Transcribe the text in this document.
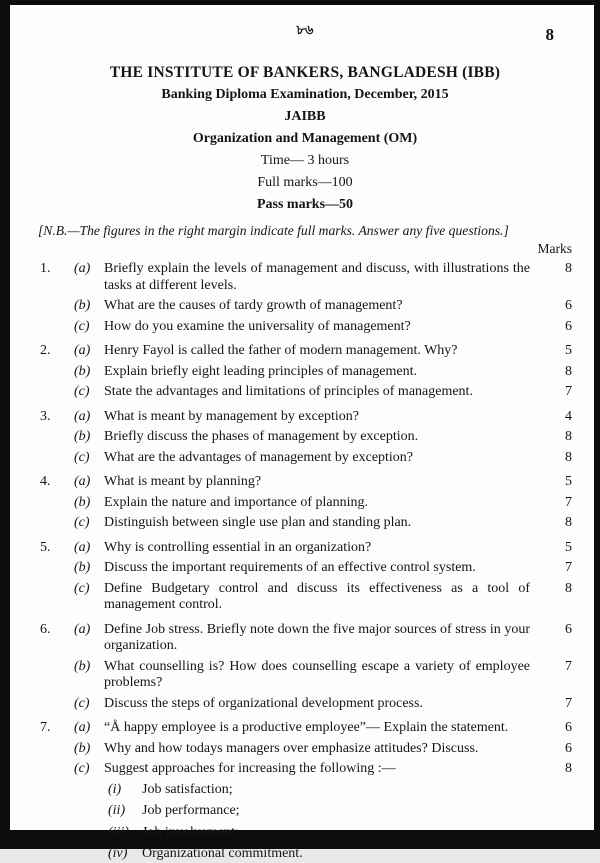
৮৬	8
THE INSTITUTE OF BANKERS, BANGLADESH (IBB)
Banking Diploma Examination, December, 2015
JAIBB
Organization and Management (OM)
Time— 3 hours
Full marks—100
Pass marks—50
[N.B.—The figures in the right margin indicate full marks. Answer any five questions.]
Marks
1.	(a) Briefly explain the levels of management and discuss, with illustrations the tasks at different levels.
8
(b) What are the causes of tardy growth of management?	6
(c)	How do you examine the universality of management?	6
2.	(a) Henry Fayol is called the father of modern management. Why?	5
(b) Explain briefly eight leading principles of management.	8
(c)	State the advantages and limitations of principles of management.	7
3.	(a) What is meant by management by exception?	4
(b) Briefly discuss the phases of management by exception.	8
(c)	What are the advantages of management by exception?	8
4.	(a) What is meant by planning?	5
(b) Explain the nature and importance of planning.	7
(c)	Distinguish between single use plan and standing plan.	8
5.	(a) Why is controlling essential in an organization?	5
(b) Discuss the important requirements of an effective control system.	7
(c)	Define Budgetary control and discuss its effectiveness as a tool of management control.
8
6.	(a) Define Job stress. Briefly note down the five major sources of stress in your organization.
6
(b) What counselling is? How does counselling escape a variety of employee problems?
7
(c)	Discuss the steps of organizational development process.	7
7.	(a) “Å happy employee is a productive employee”— Explain the statement.	6
(b) Why and how todays managers over emphasize attitudes? Discuss.	6
(c)	Suggest approaches for increasing the following :—	8
(i)	Job satisfaction;
(ii)	Job performance;
(iii) Job involvement;
(iv)	Organizational commitment.
